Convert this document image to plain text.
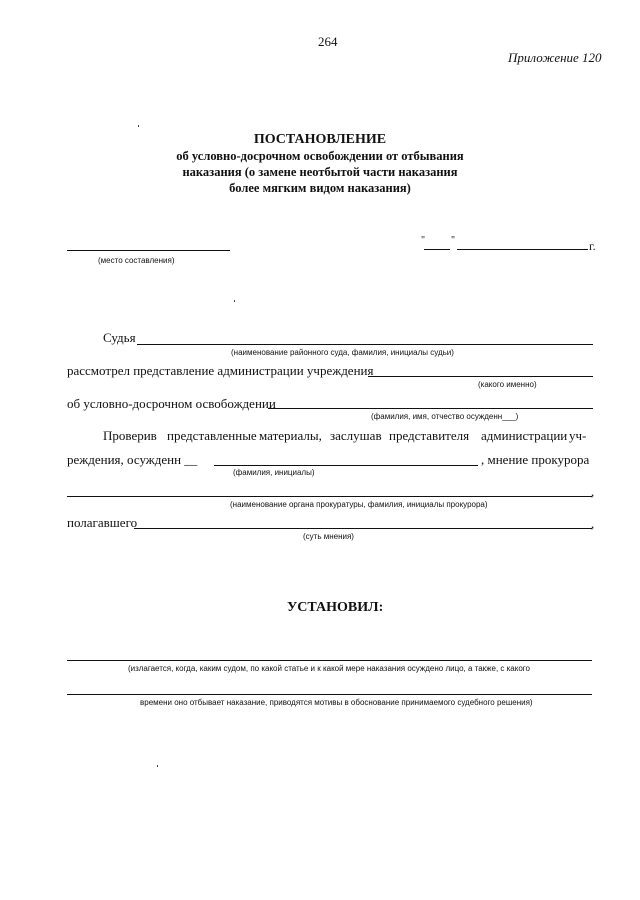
264
Приложение 120
ПОСТАНОВЛЕНИЕ
об условно-досрочном освобождении от отбывания
наказания (о замене неотбытой части наказания
более мягким видом наказания)
(место составления)
"	"	г.
Судья
(наименование районного суда, фамилия, инициалы судьи)
рассмотрел представление администрации учреждения
(какого именно)
об условно-досрочном освобождении
(фамилия, имя, отчество осужденн___)
Проверив представленные материалы, заслушав представителя администрации уч-
реждения, осужденн __	, мнение прокурора
(фамилия, инициалы)
,
(наименование органа прокуратуры, фамилия, инициалы прокурора)
полагавшего	,
(суть мнения)
УСТАНОВИЛ:
(излагается, когда, каким судом, по какой статье и к какой мере наказания осуждено лицо, а также, с какого
времени оно отбывает наказание, приводятся мотивы в обоснование принимаемого судебного решения)
